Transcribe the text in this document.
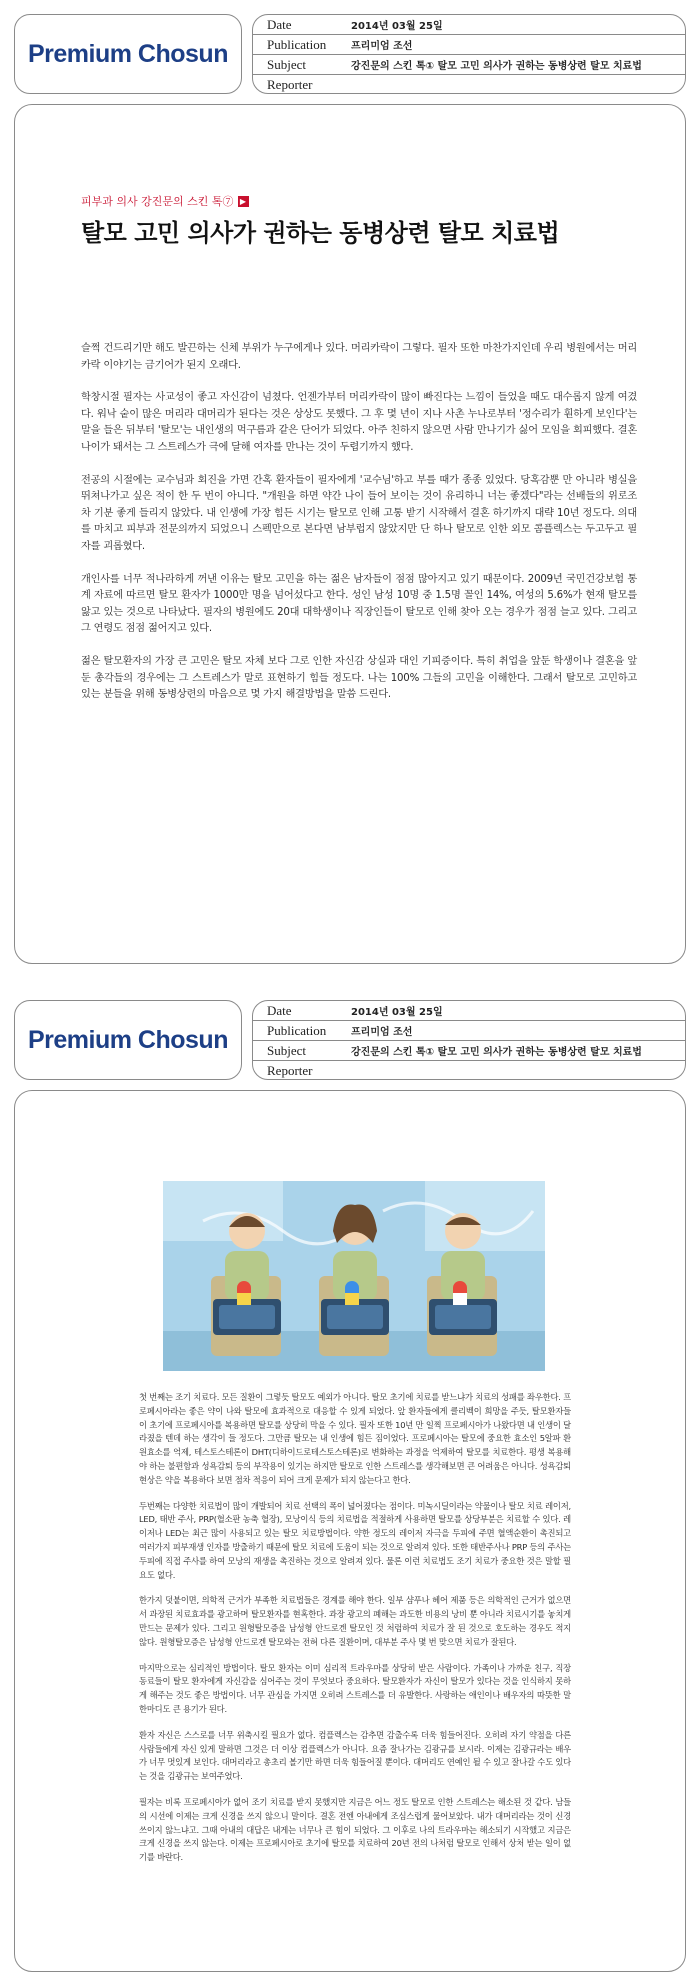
Premium Chosun
Date	2014년 03월 25일
Publication	프리미엄 조선
Subject	강진문의 스킨 톡① 탈모 고민 의사가 권하는 동병상련 탈모 치료법
Reporter
피부과 의사 강진문의 스킨 톡⑦ ▶
탈모 고민 의사가 권하는 동병상련 탈모 치료법

슬쩍 건드리기만 해도 발끈하는 신체 부위가 누구에게나 있다. 머리카락이 그렇다. 필자 또한 마찬가지인데 우리 병원에서는 머리카락 이야기는 금기어가 된지 오래다.

학창시절 필자는 사교성이 좋고 자신감이 넘쳤다. 언젠가부터 머리카락이 많이 빠진다는 느낌이 들었을 때도 대수롭지 않게 여겼다. 워낙 숱이 많은 머리라 대머리가 된다는 것은 상상도 못했다. 그 후 몇 년이 지나 사촌 누나로부터 '정수리가 훤하게 보인다'는 말을 들은 뒤부터 '탈모'는 내인생의 먹구름과 같은 단어가 되었다. 아주 친하지 않으면 사람 만나기가 싫어 모임을 회피했다. 결혼 나이가 돼서는 그 스트레스가 극에 달해 여자를 만나는 것이 두렵기까지 했다.

전공의 시절에는 교수님과 회진을 가면 간혹 환자들이 필자에게 '교수님'하고 부를 때가 종종 있었다. 당혹감뿐 만 아니라 병실을 뛰쳐나가고 싶은 적이 한 두 번이 아니다. "개원을 하면 약간 나이 들어 보이는 것이 유리하니 너는 좋겠다"라는 선배들의 위로조차 기분 좋게 들리지 않았다. 내 인생에 가장 힘든 시기는 탈모로 인해 고통 받기 시작해서 결혼 하기까지 대략 10년 정도다. 의대를 마치고 피부과 전문의까지 되었으니 스펙만으로 본다면 남부럽지 않았지만 단 하나 탈모로 인한 외모 콤플렉스는 두고두고 필자를 괴롭혔다.

개인사를 너무 적나라하게 꺼낸 이유는 탈모 고민을 하는 젊은 남자들이 점점 많아지고 있기 때문이다. 2009년 국민건강보험 통계 자료에 따르면 탈모 환자가 1000만 명을 넘어섰다고 한다. 성인 남성 10명 중 1.5명 꼴인 14%, 여성의 5.6%가 현재 탈모를 앓고 있는 것으로 나타났다. 필자의 병원에도 20대 대학생이나 직장인들이 탈모로 인해 찾아 오는 경우가 점점 늘고 있다. 그리고 그 연령도 점점 젊어지고 있다.

젊은 탈모환자의 가장 큰 고민은 탈모 자체 보다 그로 인한 자신감 상실과 대인 기피증이다. 특히 취업을 앞둔 학생이나 결혼을 앞둔 총각들의 경우에는 그 스트레스가 말로 표현하기 힘들 정도다. 나는 100% 그들의 고민을 이해한다. 그래서 탈모로 고민하고 있는 분들을 위해 동병상련의 마음으로 몇 가지 해결방법을 말씀 드린다.

Premium Chosun
Date	2014년 03월 25일
Publication	프리미엄 조선
Subject	강진문의 스킨 톡① 탈모 고민 의사가 권하는 동병상련 탈모 치료법
Reporter

첫 번째는 조기 치료다. 모든 질환이 그렇듯 탈모도 예외가 아니다. 탈모 초기에 치료를 받느냐가 치료의 성패를 좌우한다. 프로페시아라는 좋은 약이 나와 탈모에 효과적으로 대응할 수 있게 되었다. 앞 환자들에게 클리벡이 희망을 주듯, 탈모환자들이 초기에 프로페시아를 복용하면 탈모를 상당히 막을 수 있다. 필자 또한 10년 만 일찍 프로페시아가 나왔다면 내 인생이 달라졌을 텐데 하는 생각이 들 정도다. 그만큼 탈모는 내 인생에 힘든 짐이었다. 프로페시아는 탈모에 중요한 효소인 5알파 환원효소를 억제, 테스토스테론이 DHT(디하이드로테스토스테론)로 변화하는 과정을 억제하여 탈모를 치료한다. 평생 복용해야 하는 불편함과 성욕감퇴 등의 부작용이 있기는 하지만 탈모로 인한 스트레스를 생각해보면 큰 어려움은 아니다. 성욕감퇴 현상은 약을 복용하다 보면 점차 적응이 되어 크게 문제가 되지 않는다고 한다.

두번째는 다양한 치료법이 많이 개발되어 치료 선택의 폭이 넓어졌다는 점이다. 미녹시딜이라는 약물이나 탈모 치료 레이저, LED, 태반 주사, PRP(혈소판 농축 혈장), 모낭이식 등의 치료법을 적절하게 사용하면 탈모를 상당부분은 치료할 수 있다. 레이저나 LED는 최근 많이 사용되고 있는 탈모 치료방법이다. 약한 정도의 레이저 자극을 두피에 주면 혈액순환이 촉진되고 여러가지 피부재생 인자를 방출하기 때문에 탈모 치료에 도움이 되는 것으로 알려져 있다. 또한 태반주사나 PRP 등의 주사는 두피에 직접 주사를 하여 모낭의 재생을 촉진하는 것으로 알려져 있다. 물론 이런 치료법도 조기 치료가 중요한 것은 말할 필요도 없다.

한가지 덧붙이면, 의학적 근거가 부족한 치료법들은 경계를 해야 한다. 일부 샴푸나 헤어 제품 등은 의학적인 근거가 없으면서 과장된 치료효과를 광고하며 탈모환자를 현혹한다. 과장 광고의 폐해는 과도한 비용의 낭비 뿐 아니라 치료시기를 놓치게 만드는 문제가 있다. 그리고 원형탈모증을 남성형 안드로겐 탈모인 것 처럼하여 치료가 잘 된 것으로 호도하는 경우도 적지 않다. 원형탈모증은 남성형 안드로겐 탈모와는 전혀 다른 질환이며, 대부분 주사 몇 번 맞으면 치료가 잘된다.

마지막으로는 심리적인 방법이다. 탈모 환자는 이미 심리적 트라우마를 상당히 받은 사람이다. 가족이나 가까운 친구, 직장 동료들이 탈모 환자에게 자신감을 심어주는 것이 무엇보다 중요하다. 탈모환자가 자신이 탈모가 있다는 것을 인식하지 못하게 해주는 것도 좋은 방법이다. 너무 관심을 가지면 오히려 스트레스를 더 유발한다. 사랑하는 애인이나 배우자의 따뜻한 말 한마디도 큰 용기가 된다.

환자 자신은 스스로를 너무 위축시킬 필요가 없다. 컴플렉스는 감추면 감출수록 더욱 힘들어진다. 오히려 자기 약점을 다른 사람들에게 자신 있게 말하면 그것은 더 이상 컴플렉스가 아니다. 요즘 잘나가는 김광규를 보시라. 이제는 김광규라는 배우가 너무 멋있게 보인다. 대머리라고 총초리 볼기만 하면 더욱 힘들어질 뿐이다. 대머리도 연예인 될 수 있고 잘나갈 수도 있다는 것을 김광규는 보여주었다.

필자는 비록 프로페시아가 없어 조기 치료를 받지 못했지만 지금은 어느 정도 탈모로 인한 스트레스는 해소된 것 같다. 남들의 시선에 이제는 크게 신경을 쓰지 않으니 말이다. 결혼 전엔 아내에게 조심스럽게 물어보았다. 내가 대머리라는 것이 신경 쓰이지 않느냐고. 그때 아내의 대답은 내게는 너무나 큰 힘이 되었다. 그 이후로 나의 트라우마는 해소되기 시작했고 지금은 크게 신경을 쓰지 않는다. 이제는 프로페시아로 초기에 탈모를 치료하여 20년 전의 나처럼 탈모로 인해서 상처 받는 일이 없기를 바란다.
